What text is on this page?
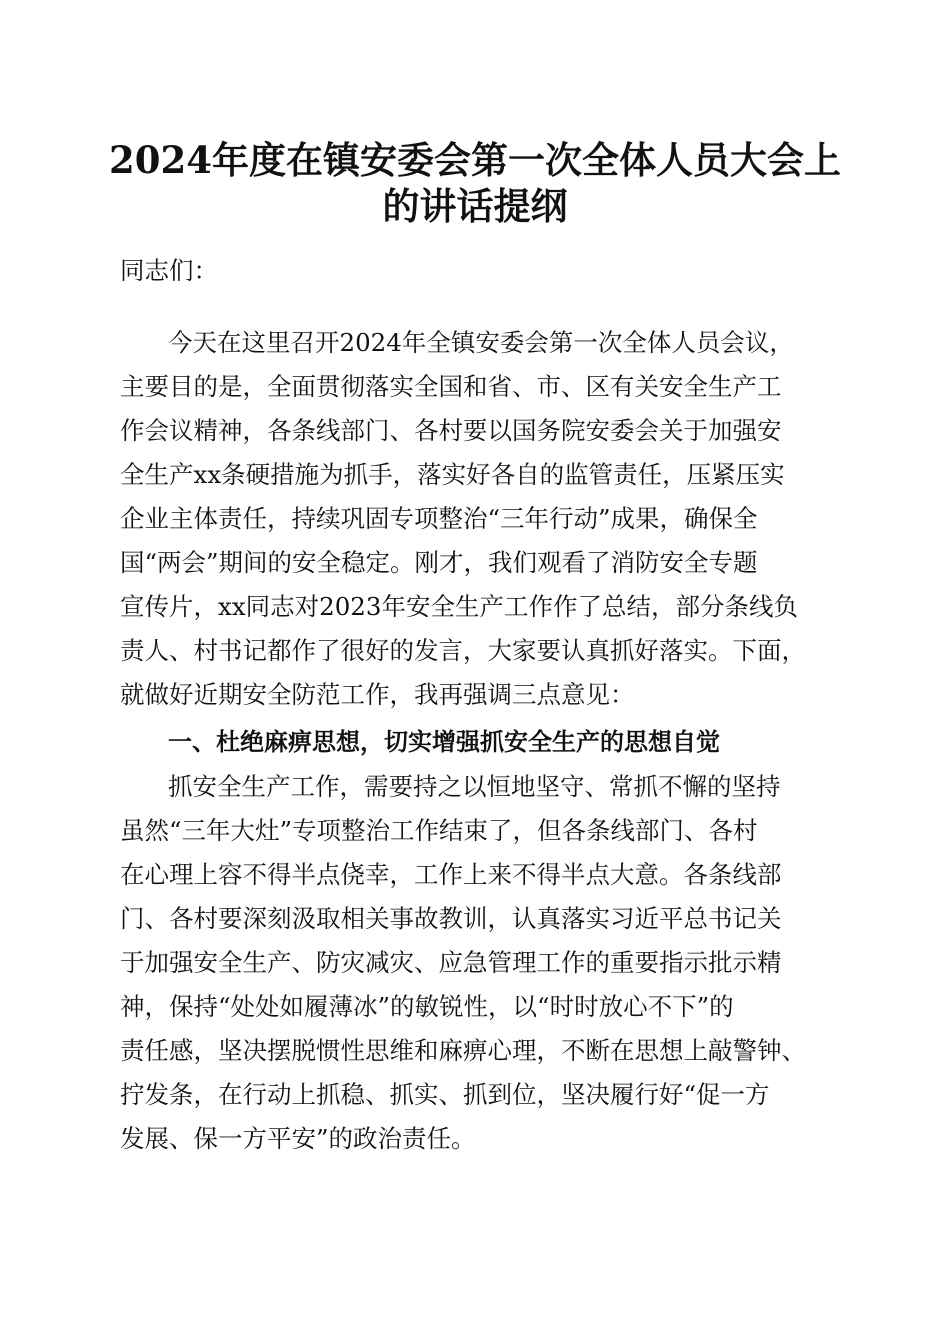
2024年度在镇安委会第一次全体人员大会上
的讲话提纲

同志们：

今天在这里召开2024年全镇安委会第一次全体人员会议，

主要目的是，全面贯彻落实全国和省、市、区有关安全生产工

作会议精神，各条线部门、各村要以国务院安委会关于加强安

全生产xx条硬措施为抓手，落实好各自的监管责任，压紧压实

企业主体责任，持续巩固专项整治“三年行动”成果，确保全

国“两会”期间的安全稳定。刚才，我们观看了消防安全专题

宣传片，xx同志对2023年安全生产工作作了总结，部分条线负

责人、村书记都作了很好的发言，大家要认真抓好落实。下面，

就做好近期安全防范工作，我再强调三点意见：

一、杜绝麻痹思想，切实增强抓安全生产的思想自觉

抓安全生产工作，需要持之以恒地坚守、常抓不懈的坚持

虽然“三年大灶”专项整治工作结束了，但各条线部门、各村

在心理上容不得半点侥幸，工作上来不得半点大意。各条线部

门、各村要深刻汲取相关事故教训，认真落实习近平总书记关

于加强安全生产、防灾减灾、应急管理工作的重要指示批示精

神，保持“处处如履薄冰”的敏锐性，以“时时放心不下”的

责任感，坚决摆脱惯性思维和麻痹心理，不断在思想上敲警钟、

拧发条，在行动上抓稳、抓实、抓到位，坚决履行好“促一方

发展、保一方平安”的政治责任。
